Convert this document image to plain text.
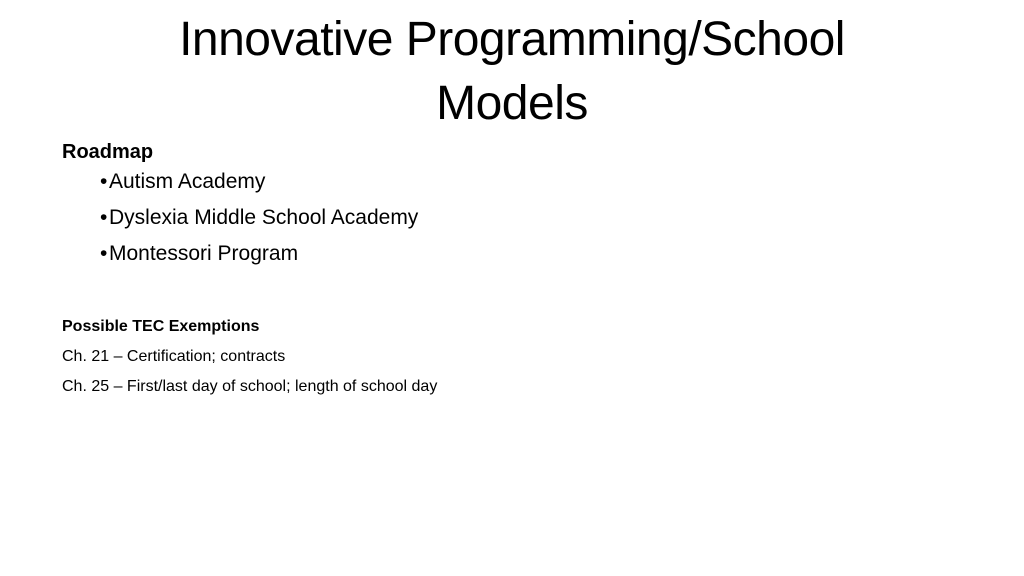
Innovative Programming/School Models
Roadmap
• Autism Academy
• Dyslexia Middle School Academy
• Montessori Program
Possible TEC Exemptions
Ch. 21 – Certification; contracts
Ch. 25 – First/last day of school; length of school day
